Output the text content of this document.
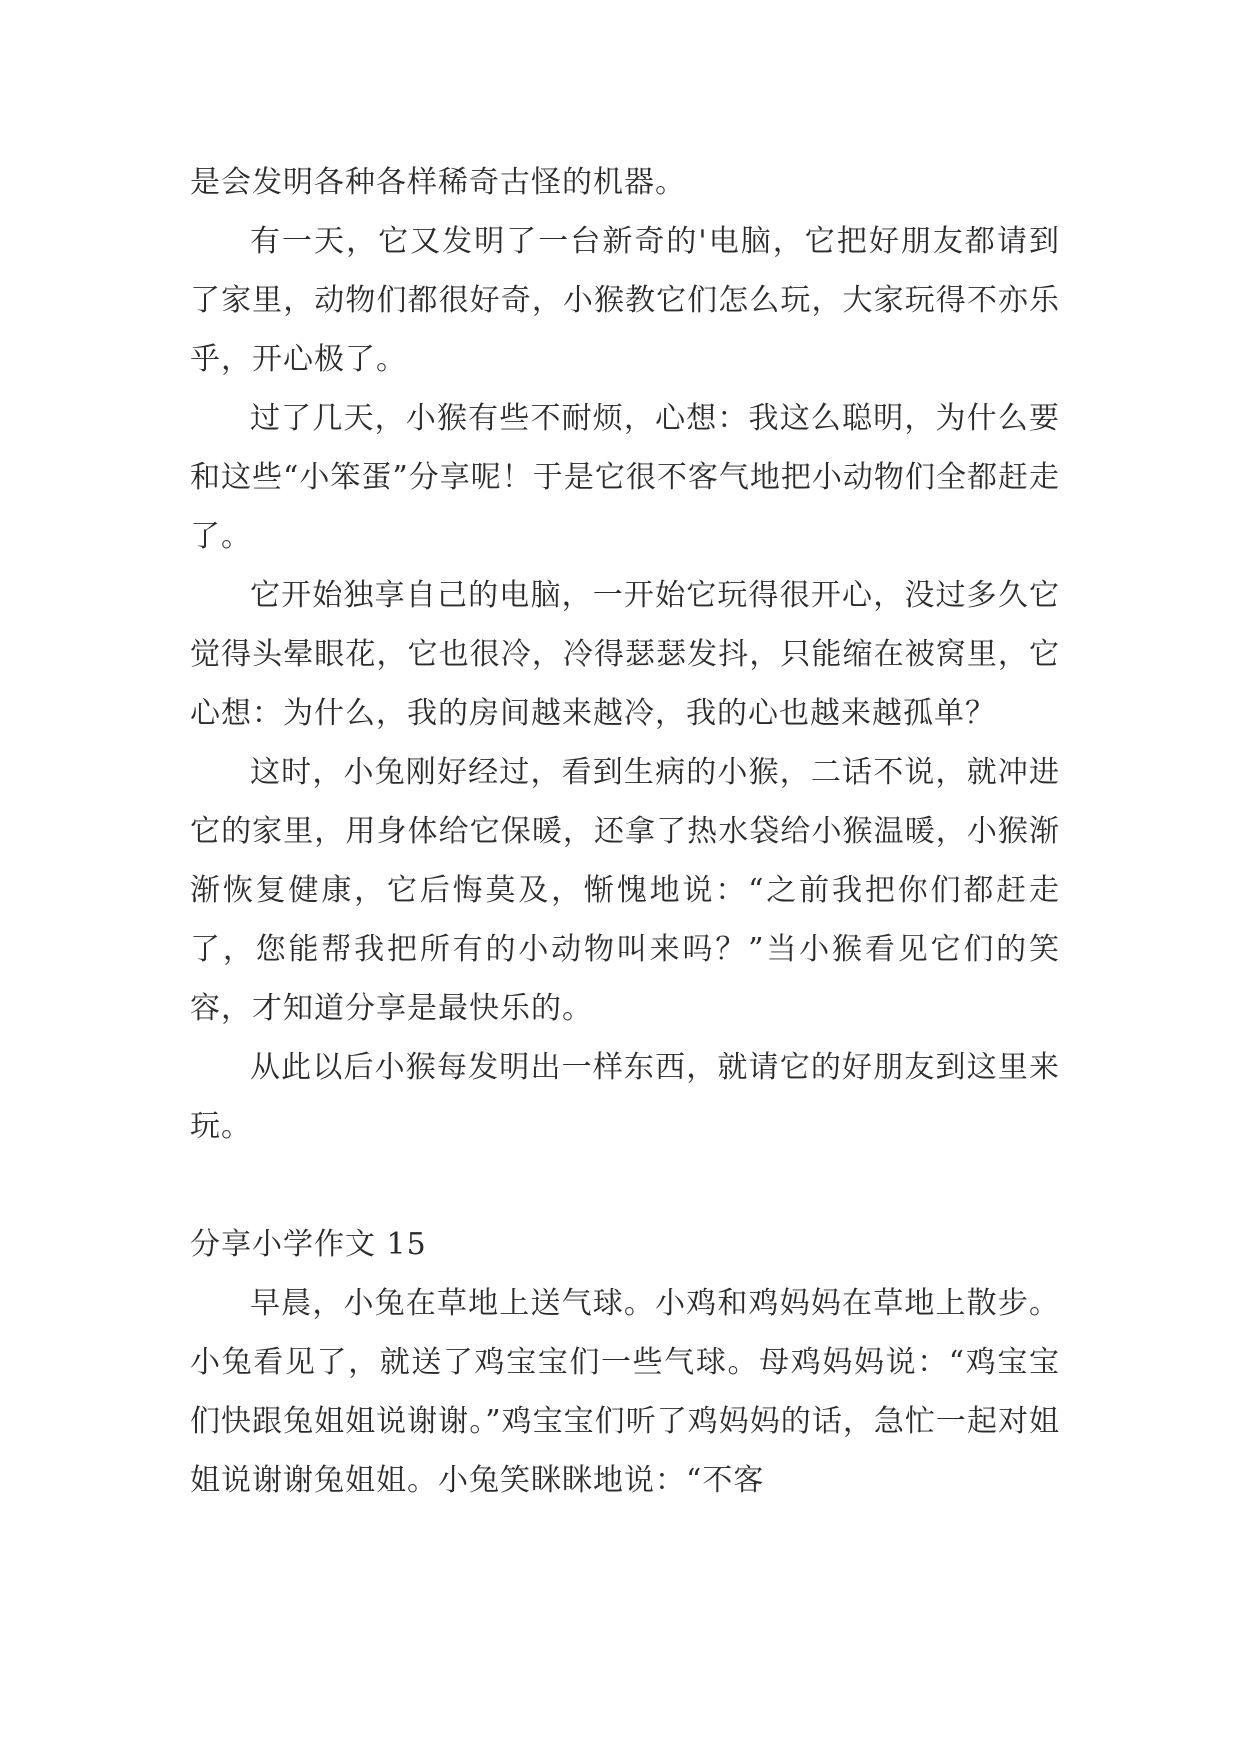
是会发明各种各样稀奇古怪的机器。

有一天，它又发明了一台新奇的'电脑，它把好朋友都请到了家里，动物们都很好奇，小猴教它们怎么玩，大家玩得不亦乐乎，开心极了。

过了几天，小猴有些不耐烦，心想：我这么聪明，为什么要和这些“小笨蛋”分享呢！于是它很不客气地把小动物们全都赶走了。

它开始独享自己的电脑，一开始它玩得很开心，没过多久它觉得头晕眼花，它也很冷，冷得瑟瑟发抖，只能缩在被窝里，它心想：为什么，我的房间越来越冷，我的心也越来越孤单？

这时，小兔刚好经过，看到生病的小猴，二话不说，就冲进它的家里，用身体给它保暖，还拿了热水袋给小猴温暖，小猴渐渐恢复健康，它后悔莫及，惭愧地说：“之前我把你们都赶走了，您能帮我把所有的小动物叫来吗？”当小猴看见它们的笑容，才知道分享是最快乐的。

从此以后小猴每发明出一样东西，就请它的好朋友到这里来玩。

分享小学作文 15

早晨，小兔在草地上送气球。小鸡和鸡妈妈在草地上散步。小兔看见了，就送了鸡宝宝们一些气球。母鸡妈妈说：“鸡宝宝们快跟兔姐姐说谢谢。”鸡宝宝们听了鸡妈妈的话，急忙一起对姐姐说谢谢兔姐姐。小兔笑眯眯地说：“不客
